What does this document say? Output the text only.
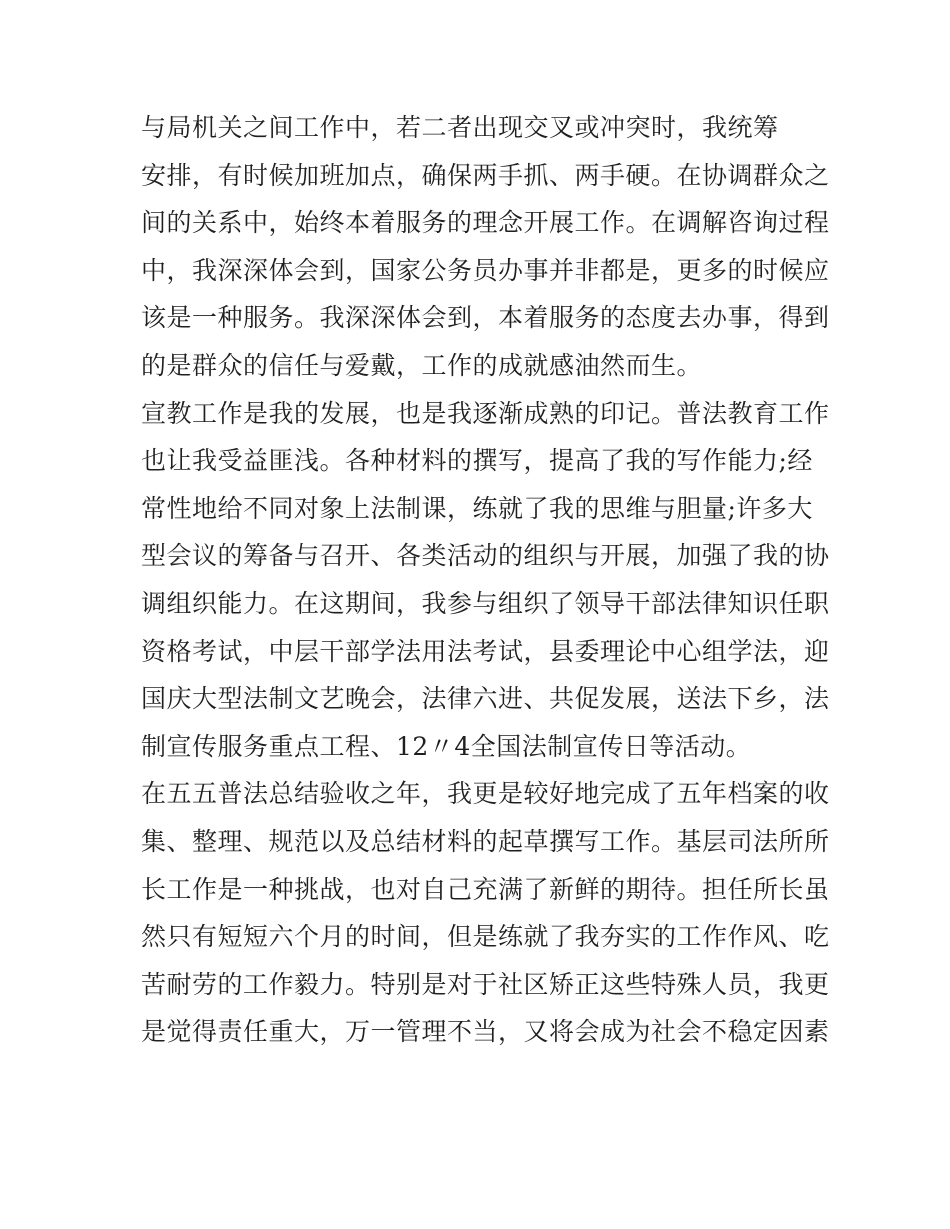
与局机关之间工作中，若二者出现交叉或冲突时，我统筹
安排，有时候加班加点，确保两手抓、两手硬。在协调群众之
间的关系中，始终本着服务的理念开展工作。在调解咨询过程
中，我深深体会到，国家公务员办事并非都是，更多的时候应
该是一种服务。我深深体会到，本着服务的态度去办事，得到
的是群众的信任与爱戴，工作的成就感油然而生。
宣教工作是我的发展，也是我逐渐成熟的印记。普法教育工作
也让我受益匪浅。各种材料的撰写，提高了我的写作能力;经
常性地给不同对象上法制课，练就了我的思维与胆量;许多大
型会议的筹备与召开、各类活动的组织与开展，加强了我的协
调组织能力。在这期间，我参与组织了领导干部法律知识任职
资格考试，中层干部学法用法考试，县委理论中心组学法，迎
国庆大型法制文艺晚会，法律六进、共促发展，送法下乡，法
制宣传服务重点工程、12〃4全国法制宣传日等活动。
在五五普法总结验收之年，我更是较好地完成了五年档案的收
集、整理、规范以及总结材料的起草撰写工作。基层司法所所
长工作是一种挑战，也对自己充满了新鲜的期待。担任所长虽
然只有短短六个月的时间，但是练就了我夯实的工作作风、吃
苦耐劳的工作毅力。特别是对于社区矫正这些特殊人员，我更
是觉得责任重大，万一管理不当，又将会成为社会不稳定因素
